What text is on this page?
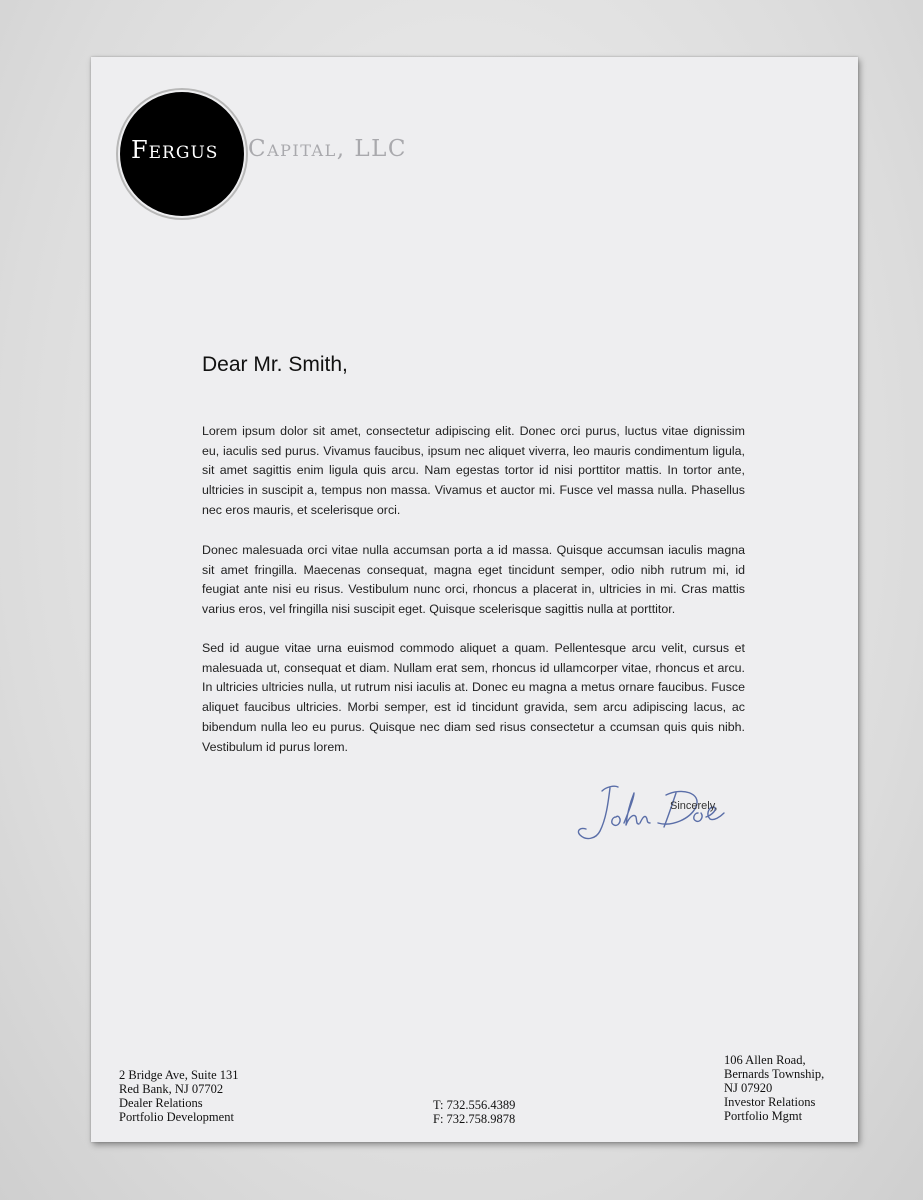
Fergus Capital, LLC
Dear Mr. Smith,

Lorem ipsum dolor sit amet, consectetur adipiscing elit. Donec orci purus, luctus vitae dignissim eu, iaculis sed purus. Vivamus faucibus, ipsum nec aliquet viverra, leo mauris condimentum ligula, sit amet sagittis enim ligula quis arcu. Nam egestas tortor id nisi porttitor mattis. In tortor ante, ultricies in suscipit a, tempus non massa. Vivamus et auctor mi. Fusce vel massa nulla. Phasellus nec eros mauris, et scelerisque orci.

Donec malesuada orci vitae nulla accumsan porta a id massa. Quisque accumsan iaculis magna sit amet fringilla. Maecenas consequat, magna eget tincidunt semper, odio nibh rutrum mi, id feugiat ante nisi eu risus. Vestibulum nunc orci, rhoncus a placerat in, ultricies in mi. Cras mattis varius eros, vel fringilla nisi suscipit eget. Quisque scelerisque sagittis nulla at porttitor.

Sed id augue vitae urna euismod commodo aliquet a quam. Pellentesque arcu velit, cursus et malesuada ut, consequat et diam. Nullam erat sem, rhoncus id ullamcorper vitae, rhoncus et arcu. In ultricies ultricies nulla, ut rutrum nisi iaculis at. Donec eu magna a metus ornare faucibus. Fusce aliquet faucibus ultricies. Morbi semper, est id tincidunt gravida, sem arcu adipiscing lacus, ac bibendum nulla leo eu purus. Quisque nec diam sed risus consectetur a ccumsan quis quis nibh. Vestibulum id purus lorem.

Sincerely,
2 Bridge Ave, Suite 131
Red Bank, NJ 07702
Dealer Relations
Portfolio Development
T: 732.556.4389
F: 732.758.9878
106 Allen Road,
Bernards Township,
NJ 07920
Investor Relations
Portfolio Mgmt
